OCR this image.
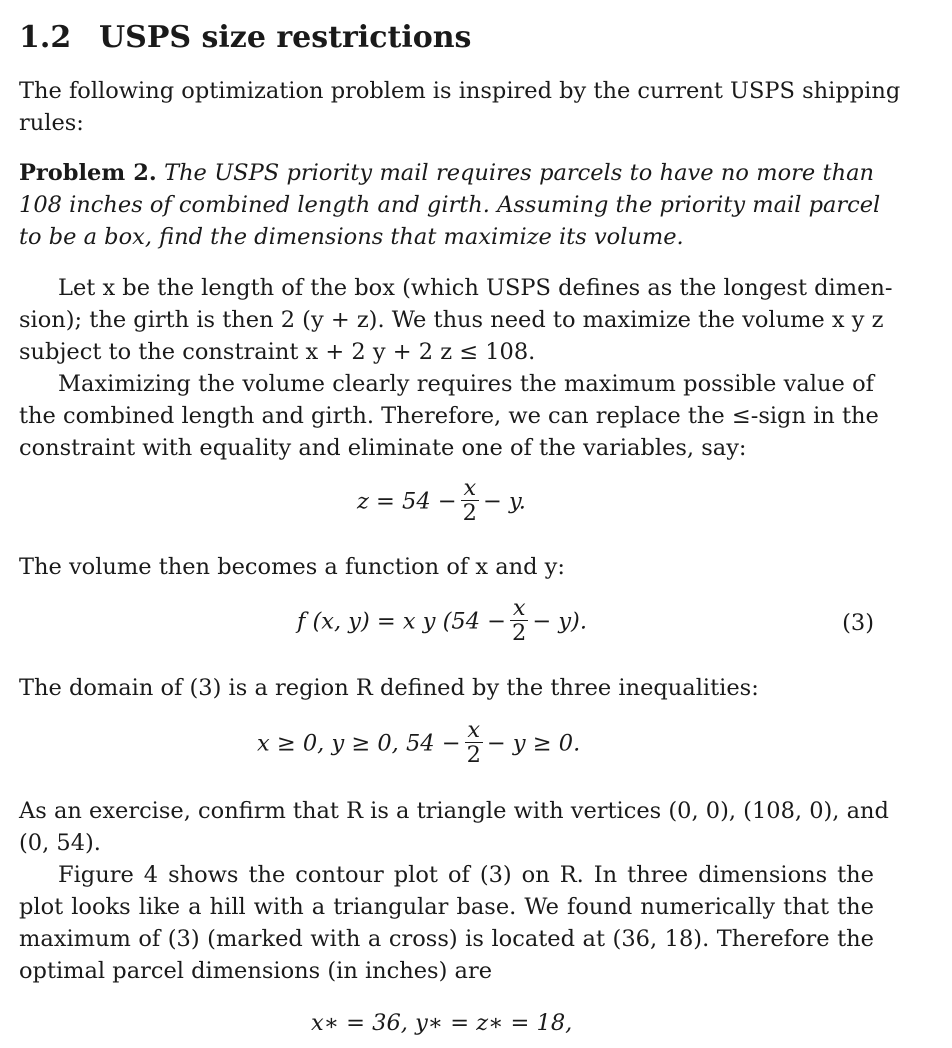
1.2 USPS size restrictions
The following optimization problem is inspired by the current USPS shipping
rules:
Problem 2. The USPS priority mail requires parcels to have no more than
108 inches of combined length and girth. Assuming the priority mail parcel
to be a box, find the dimensions that maximize its volume.
Let x be the length of the box (which USPS defines as the longest dimen-
sion); the girth is then 2 (y + z). We thus need to maximize the volume x y z
subject to the constraint x + 2 y + 2 z ≤ 108.
Maximizing the volume clearly requires the maximum possible value of
the combined length and girth. Therefore, we can replace the ≤-sign in the
constraint with equality and eliminate one of the variables, say:
$z = 54 - \frac{x}{2} - y$.
The volume then becomes a function of x and y:
f (x, y) = x y $(54 - \frac{x}{2} - y)$.	(3)
The domain of (3) is a region R defined by the three inequalities:
x ≥ 0, y ≥ 0, $54 - \frac{x}{2} - y \ge 0$.
As an exercise, confirm that R is a triangle with vertices (0, 0), (108, 0), and
(0, 54).
Figure 4 shows the contour plot of (3) on R. In three dimensions the
plot looks like a hill with a triangular base. We found numerically that the
maximum of (3) (marked with a cross) is located at (36, 18). Therefore the
optimal parcel dimensions (in inches) are
x∗ = 36, y∗ = z∗ = 18,
